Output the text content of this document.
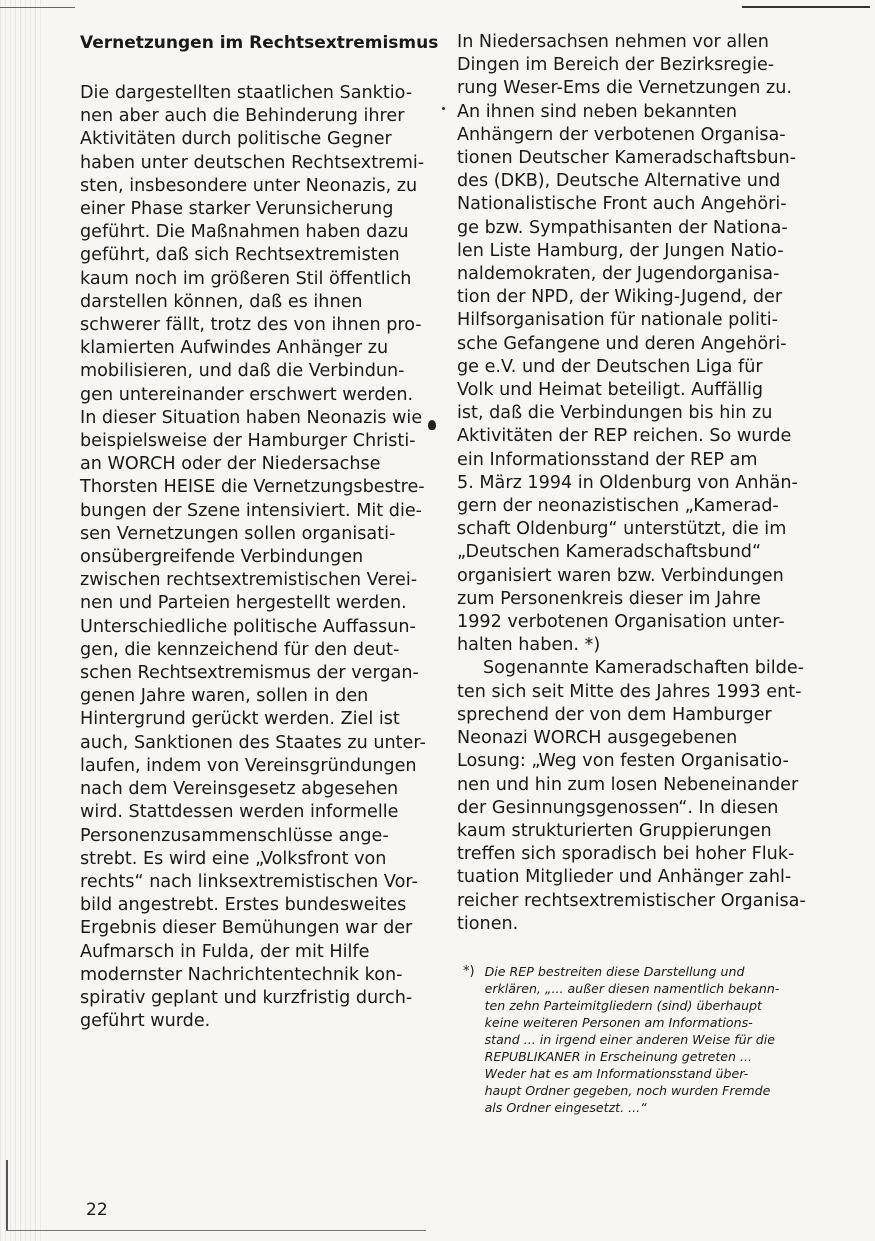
Vernetzungen im Rechtsextremismus

Die dargestellten staatlichen Sanktio-
nen aber auch die Behinderung ihrer
Aktivitäten durch politische Gegner
haben unter deutschen Rechtsextremi-
sten, insbesondere unter Neonazis, zu
einer Phase starker Verunsicherung
geführt. Die Maßnahmen haben dazu
geführt, daß sich Rechtsextremisten
kaum noch im größeren Stil öffentlich
darstellen können, daß es ihnen
schwerer fällt, trotz des von ihnen pro-
klamierten Aufwindes Anhänger zu
mobilisieren, und daß die Verbindun-
gen untereinander erschwert werden.
In dieser Situation haben Neonazis wie
beispielsweise der Hamburger Christi-
an WORCH oder der Niedersachse
Thorsten HEISE die Vernetzungsbestre-
bungen der Szene intensiviert. Mit die-
sen Vernetzungen sollen organisati-
onsübergreifende Verbindungen
zwischen rechtsextremistischen Verei-
nen und Parteien hergestellt werden.
Unterschiedliche politische Auffassun-
gen, die kennzeichend für den deut-
schen Rechtsextremismus der vergan-
genen Jahre waren, sollen in den
Hintergrund gerückt werden. Ziel ist
auch, Sanktionen des Staates zu unter-
laufen, indem von Vereinsgründungen
nach dem Vereinsgesetz abgesehen
wird. Stattdessen werden informelle
Personenzusammenschlüsse ange-
strebt. Es wird eine „Volksfront von
rechts“ nach linksextremistischen Vor-
bild angestrebt. Erstes bundesweites
Ergebnis dieser Bemühungen war der
Aufmarsch in Fulda, der mit Hilfe
modernster Nachrichtentechnik kon-
spirativ geplant und kurzfristig durch-
geführt wurde.

In Niedersachsen nehmen vor allen
Dingen im Bereich der Bezirksregie-
rung Weser-Ems die Vernetzungen zu.
An ihnen sind neben bekannten
Anhängern der verbotenen Organisa-
tionen Deutscher Kameradschaftsbun-
des (DKB), Deutsche Alternative und
Nationalistische Front auch Angehöri-
ge bzw. Sympathisanten der Nationa-
len Liste Hamburg, der Jungen Natio-
naldemokraten, der Jugendorganisa-
tion der NPD, der Wiking-Jugend, der
Hilfsorganisation für nationale politi-
sche Gefangene und deren Angehöri-
ge e.V. und der Deutschen Liga für
Volk und Heimat beteiligt. Auffällig
ist, daß die Verbindungen bis hin zu
Aktivitäten der REP reichen. So wurde
ein Informationsstand der REP am
5. März 1994 in Oldenburg von Anhän-
gern der neonazistischen „Kamerad-
schaft Oldenburg“ unterstützt, die im
„Deutschen Kameradschaftsbund“
organisiert waren bzw. Verbindungen
zum Personenkreis dieser im Jahre
1992 verbotenen Organisation unter-
halten haben. *)

Sogenannte Kameradschaften bilde-
ten sich seit Mitte des Jahres 1993 ent-
sprechend der von dem Hamburger
Neonazi WORCH ausgegebenen
Losung: „Weg von festen Organisatio-
nen und hin zum losen Nebeneinander
der Gesinnungsgenossen“. In diesen
kaum strukturierten Gruppierungen
treffen sich sporadisch bei hoher Fluk-
tuation Mitglieder und Anhänger zahl-
reicher rechtsextremistischer Organisa-
tionen.

*) Die REP bestreiten diese Darstellung und
erklären, „... außer diesen namentlich bekann-
ten zehn Parteimitgliedern (sind) überhaupt
keine weiteren Personen am Informations-
stand ... in irgend einer anderen Weise für die
REPUBLIKANER in Erscheinung getreten ...
Weder hat es am Informationsstand über-
haupt Ordner gegeben, noch wurden Fremde
als Ordner eingesetzt. ...“
22
